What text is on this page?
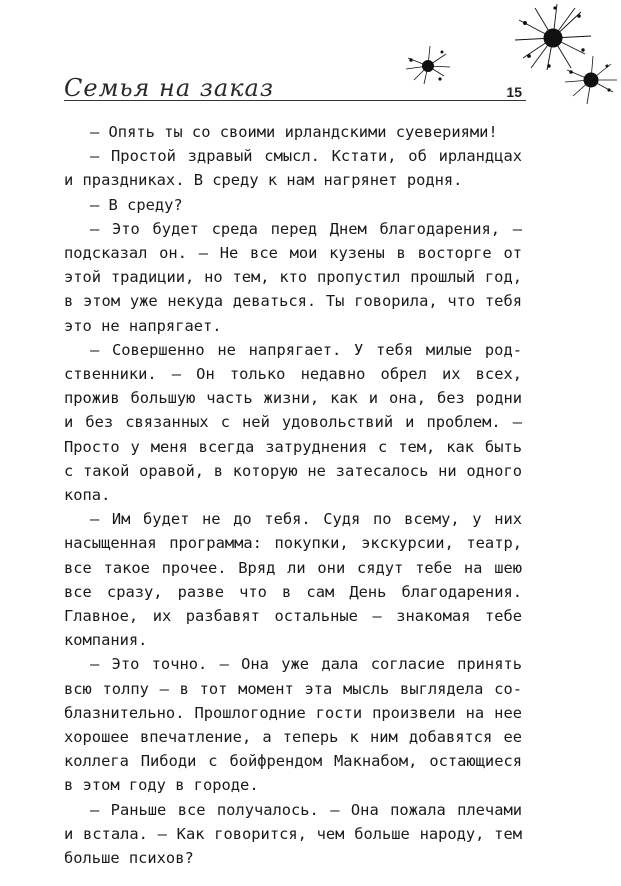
Семья на заказ	15

— Опять ты со своими ирландскими суевериями!

— Простой здравый смысл. Кстати, об ирландцах и праздниках. В среду к нам нагрянет родня.

— В среду?

— Это будет среда перед Днем благодарения, — подсказал он. — Не все мои кузены в восторге от этой традиции, но тем, кто пропустил прошлый год, в этом уже некуда деваться. Ты говорила, что тебя это не напрягает.

— Совершенно не напрягает. У тебя милые родственники. — Он только недавно обрел их всех, прожив большую часть жизни, как и она, без родни и без связанных с ней удовольствий и проблем. — Просто у меня всегда затруднения с тем, как быть с такой оравой, в которую не затесалось ни одного копа.

— Им будет не до тебя. Судя по всему, у них насыщенная программа: покупки, экскурсии, театр, все такое прочее. Вряд ли они сядут тебе на шею все сразу, разве что в сам День благодарения. Главное, их разбавят остальные — знакомая тебе компания.

— Это точно. — Она уже дала согласие принять всю толпу — в тот момент эта мысль выглядела соблазнительно. Прошлогодние гости произвели на нее хорошее впечатление, а теперь к ним добавятся ее коллега Пибоди с бойфрендом Макнабом, остающиеся в этом году в городе.

— Раньше все получалось. — Она пожала плечами и встала. — Как говорится, чем больше народу, тем больше психов?
